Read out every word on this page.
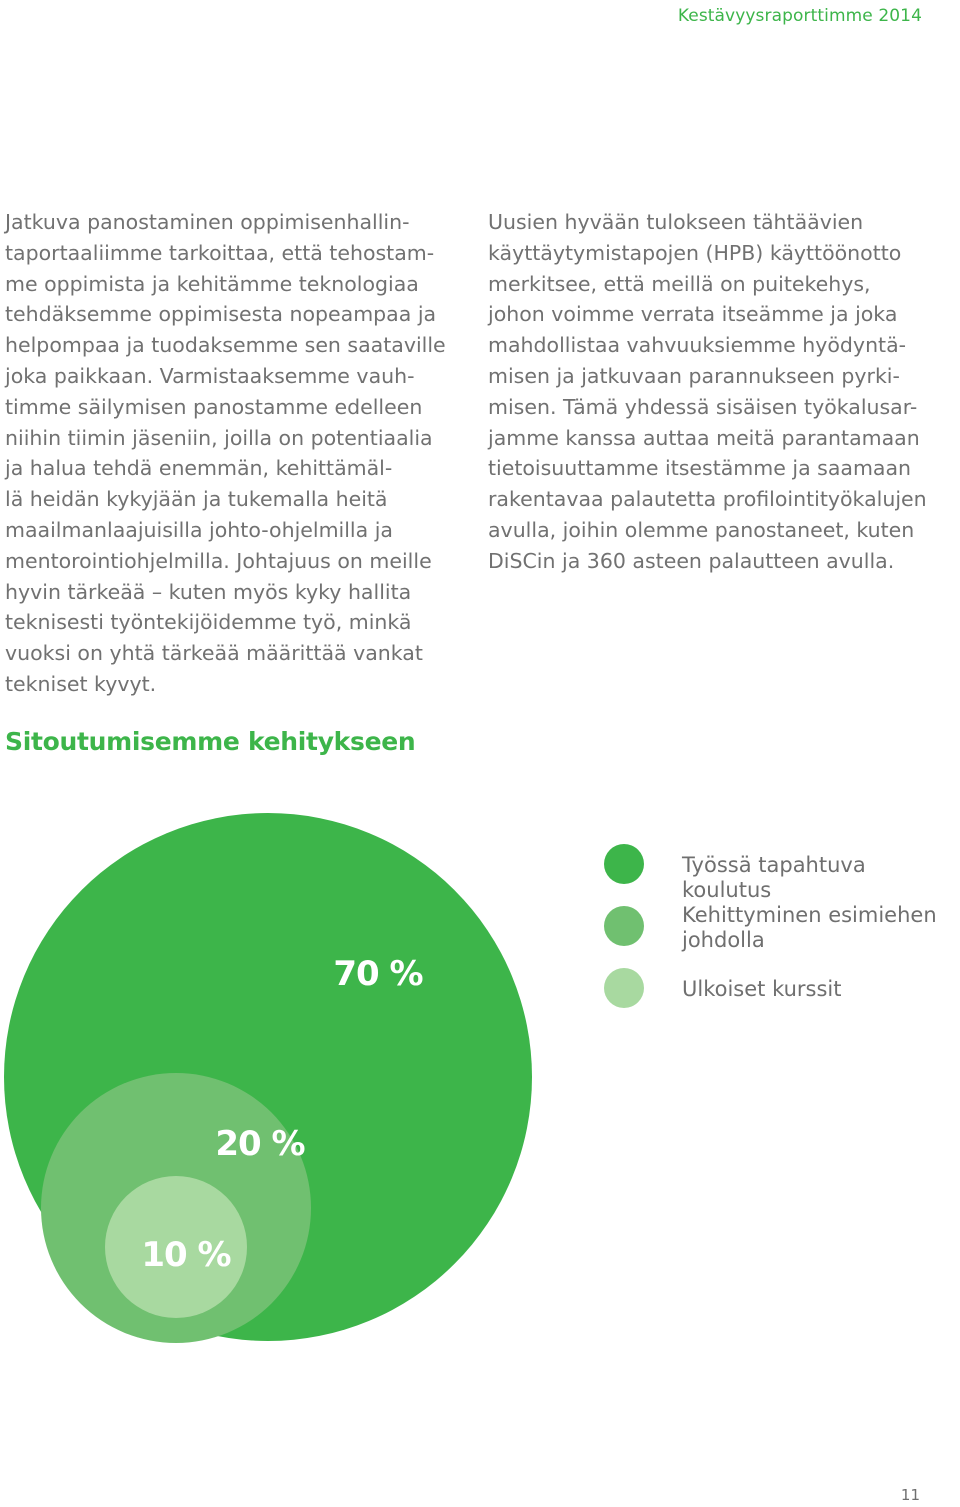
Kestävyysraporttimme 2014

Jatkuva panostaminen oppimisenhallin-
taportaaliimme tarkoittaa, että tehostam-
me oppimista ja kehitämme teknologiaa
tehdäksemme oppimisesta nopeampaa ja
helpompaa ja tuodaksemme sen saataville
joka paikkaan. Varmistaaksemme vauh-
timme säilymisen panostamme edelleen
niihin tiimin jäseniin, joilla on potentiaalia
ja halua tehdä enemmän, kehittämäl-
lä heidän kykyjään ja tukemalla heitä
maailmanlaajuisilla johto-ohjelmilla ja
mentorointiohjelmilla. Johtajuus on meille
hyvin tärkeää – kuten myös kyky hallita
teknisesti työntekijöidemme työ, minkä
vuoksi on yhtä tärkeää määrittää vankat
tekniset kyvyt.

Uusien hyvään tulokseen tähtäävien
käyttäytymistapojen (HPB) käyttöönotto
merkitsee, että meillä on puitekehys,
johon voimme verrata itseämme ja joka
mahdollistaa vahvuuksiemme hyödyntä-
misen ja jatkuvaan parannukseen pyrki-
misen. Tämä yhdessä sisäisen työkalusar-
jamme kanssa auttaa meitä parantamaan
tietoisuuttamme itsestämme ja saamaan
rakentavaa palautetta profilointityökalujen
avulla, joihin olemme panostaneet, kuten
DiSCin ja 360 asteen palautteen avulla.

Sitoutumisemme kehitykseen
70 %
20 %
10 %
Työssä tapahtuva koulutus
Kehittyminen esimiehen
johdolla
Ulkoiset kurssit
11
